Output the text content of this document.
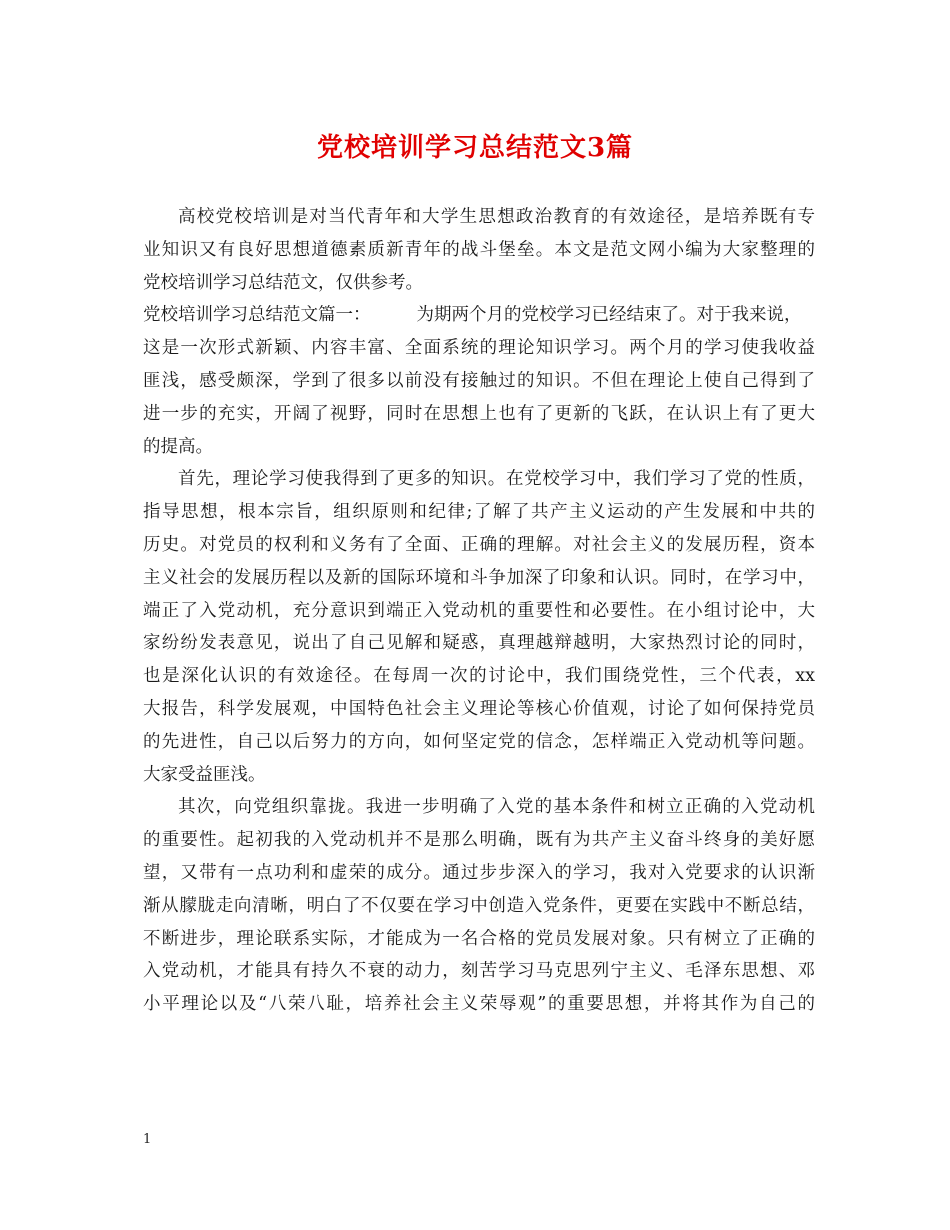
党校培训学习总结范文3篇
高校党校培训是对当代青年和大学生思想政治教育的有效途径，是培养既有专
业知识又有良好思想道德素质新青年的战斗堡垒。本文是范文网小编为大家整理的
党校培训学习总结范文，仅供参考。
党校培训学习总结范文篇一：	为期两个月的党校学习已经结束了。对于我来说，
这是一次形式新颖、内容丰富、全面系统的理论知识学习。两个月的学习使我收益
匪浅，感受颇深，学到了很多以前没有接触过的知识。不但在理论上使自己得到了
进一步的充实，开阔了视野，同时在思想上也有了更新的飞跃，在认识上有了更大
的提高。
首先，理论学习使我得到了更多的知识。在党校学习中，我们学习了党的性质，
指导思想，根本宗旨，组织原则和纪律;了解了共产主义运动的产生发展和中共的
历史。对党员的权利和义务有了全面、正确的理解。对社会主义的发展历程，资本
主义社会的发展历程以及新的国际环境和斗争加深了印象和认识。同时，在学习中，
端正了入党动机，充分意识到端正入党动机的重要性和必要性。在小组讨论中，大
家纷纷发表意见，说出了自己见解和疑惑，真理越辩越明，大家热烈讨论的同时，
也是深化认识的有效途径。在每周一次的讨论中，我们围绕党性，三个代表，xx
大报告，科学发展观，中国特色社会主义理论等核心价值观，讨论了如何保持党员
的先进性，自己以后努力的方向，如何坚定党的信念，怎样端正入党动机等问题。
大家受益匪浅。
其次，向党组织靠拢。我进一步明确了入党的基本条件和树立正确的入党动机
的重要性。起初我的入党动机并不是那么明确，既有为共产主义奋斗终身的美好愿
望，又带有一点功利和虚荣的成分。通过步步深入的学习，我对入党要求的认识渐
渐从朦胧走向清晰，明白了不仅要在学习中创造入党条件，更要在实践中不断总结，
不断进步，理论联系实际，才能成为一名合格的党员发展对象。只有树立了正确的
入党动机，才能具有持久不衰的动力，刻苦学习马克思列宁主义、毛泽东思想、邓
小平理论以及“八荣八耻，培养社会主义荣辱观”的重要思想，并将其作为自己的
1
